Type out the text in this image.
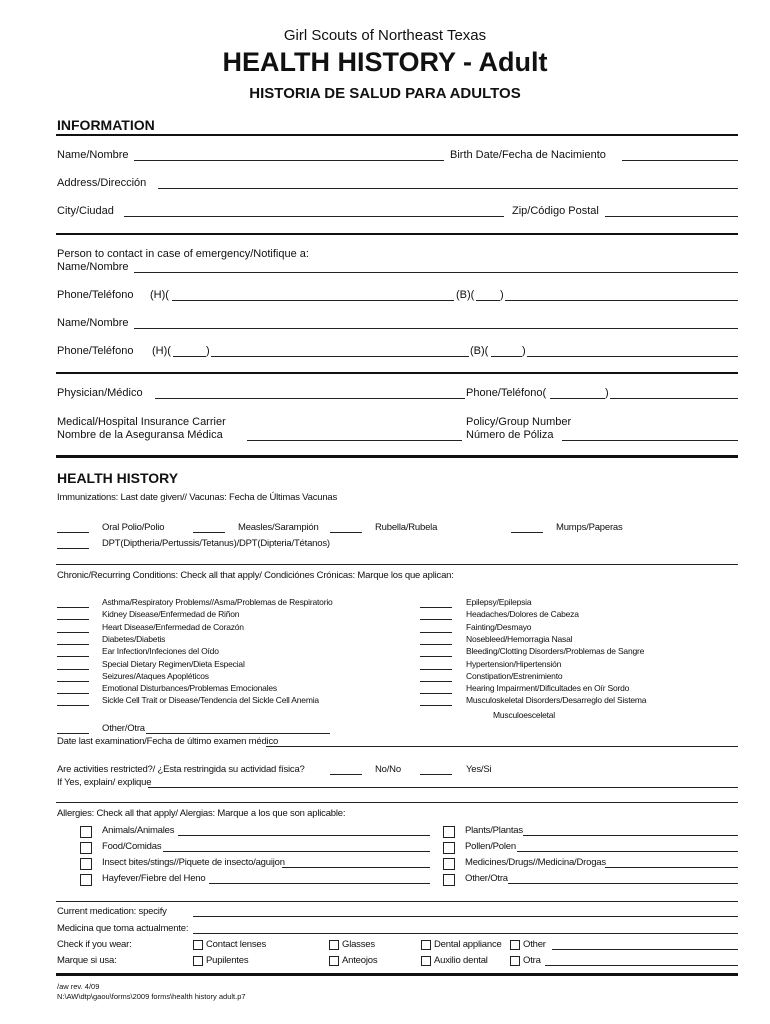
Girl Scouts of Northeast Texas
HEALTH HISTORY - Adult
HISTORIA DE SALUD PARA ADULTOS
INFORMATION
Name/Nombre	Birth Date/Fecha de Nacimiento
Address/Dirección
City/Ciudad	Zip/Código Postal
Person to contact in case of emergency/Notifique a:
Name/Nombre
Phone/Teléfono (H)(	(B)( )
Name/Nombre
Phone/Teléfono (H)(	)	(B)(	)
Physician/Médico	Phone/Teléfono(	)
Medical/Hospital Insurance Carrier
Nombre de la Aseguransa Médica
Policy/Group Number
Número de Póliza
HEALTH HISTORY
Immunizations: Last date given// Vacunas: Fecha de Últimas Vacunas
Oral Polio/Polio	Measles/Sarampión	Rubella/Rubela	Mumps/Paperas
DPT(Diptheria/Pertussis/Tetanus)/DPT(Dipteria/Tétanos)
Chronic/Recurring Conditions: Check all that apply/ Condiciónes Crónicas: Marque los que aplican:
Asthma/Respiratory Problems//Asma/Problemas de Respiratorio
Kidney Disease/Enfermedad de Riñon
Heart Disease/Enfermedad de Corazón
Diabetes/Diabetis
Ear Infection/Infeciones del Oído
Special Dietary Regimen/Dieta Especial
Seizures/Ataques Apopléticos
Emotional Disturbances/Problemas Emocionales
Sickle Cell Trait or Disease/Tendencia del Sickle Cell Anemia
Epilepsy/Epilepsia
Headaches/Dolores de Cabeza
Fainting/Desmayo
Nosebleed/Hemorragia Nasal
Bleeding/Clotting Disorders/Problemas de Sangre
Hypertension/Hipertensión
Constipation/Estrenimiento
Hearing Impairment/Dificultades en Oír Sordo
Musculoskeletal Disorders/Desarreglo del Sistema
Musculoesceletal
Other/Otra
Date last examination/Fecha de último examen médico
Are activities restricted?/ ¿Esta restringida su actividad física?	No/No	Yes/Si
If Yes, explain/ explique
Allergies: Check all that apply/ Alergias: Marque a los que son aplicable:
Animals/Animales
Food/Comidas
Insect bites/stings//Piquete de insecto/aguijon
Hayfever/Fiebre del Heno
Plants/Plantas
Pollen/Polen
Medicines/Drugs//Medicina/Drogas
Other/Otra
Current medication: specify
Medicina que toma actualmente:
Check if you wear:
Marque si usa:
Contact lenses	Glasses	Dental appliance Other
Pupilentes	Anteojos	Auxilio dental	Otra
/aw rev. 4/09
N:\AW\dtp\gaou\forms\2009 forms\health history adult.p7
